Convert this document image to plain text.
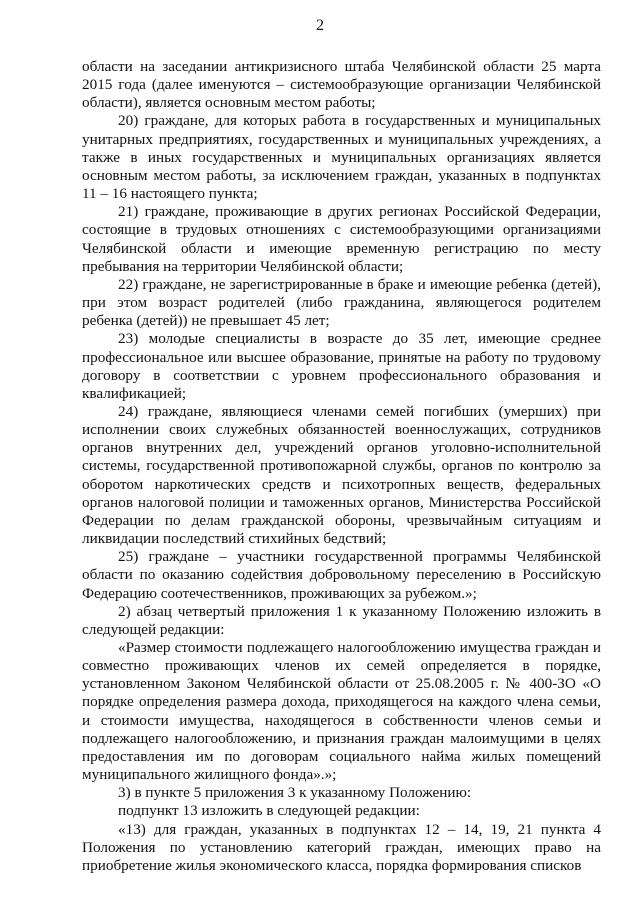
2

области на заседании антикризисного штаба Челябинской области 25 марта 2015 года (далее именуются – системообразующие организации Челябинской области), является основным местом работы;

20) граждане, для которых работа в государственных и муниципальных унитарных предприятиях, государственных и муниципальных учреждениях, а также в иных государственных и муниципальных организациях является основным местом работы, за исключением граждан, указанных в подпунктах 11 – 16 настоящего пункта;

21) граждане, проживающие в других регионах Российской Федерации, состоящие в трудовых отношениях с системообразующими организациями Челябинской области и имеющие временную регистрацию по месту пребывания на территории Челябинской области;

22) граждане, не зарегистрированные в браке и имеющие ребенка (детей), при этом возраст родителей (либо гражданина, являющегося родителем ребенка (детей)) не превышает 45 лет;

23) молодые специалисты в возрасте до 35 лет, имеющие среднее профессиональное или высшее образование, принятые на работу по трудовому договору в соответствии с уровнем профессионального образования и квалификацией;

24) граждане, являющиеся членами семей погибших (умерших) при исполнении своих служебных обязанностей военнослужащих, сотрудников органов внутренних дел, учреждений органов уголовно-исполнительной системы, государственной противопожарной службы, органов по контролю за оборотом наркотических средств и психотропных веществ, федеральных органов налоговой полиции и таможенных органов, Министерства Российской Федерации по делам гражданской обороны, чрезвычайным ситуациям и ликвидации последствий стихийных бедствий;

25) граждане – участники государственной программы Челябинской области по оказанию содействия добровольному переселению в Российскую Федерацию соотечественников, проживающих за рубежом.»;

2) абзац четвертый приложения 1 к указанному Положению изложить в следующей редакции:

«Размер стоимости подлежащего налогообложению имущества граждан и совместно проживающих членов их семей определяется в порядке, установленном Законом Челябинской области от 25.08.2005 г. № 400-ЗО «О порядке определения размера дохода, приходящегося на каждого члена семьи, и стоимости имущества, находящегося в собственности членов семьи и подлежащего налогообложению, и признания граждан малоимущими в целях предоставления им по договорам социального найма жилых помещений муниципального жилищного фонда».»;

3) в пункте 5 приложения 3 к указанному Положению:

подпункт 13 изложить в следующей редакции:

«13) для граждан, указанных в подпунктах 12 – 14, 19, 21 пункта 4 Положения по установлению категорий граждан, имеющих право на приобретение жилья экономического класса, порядка формирования списков
